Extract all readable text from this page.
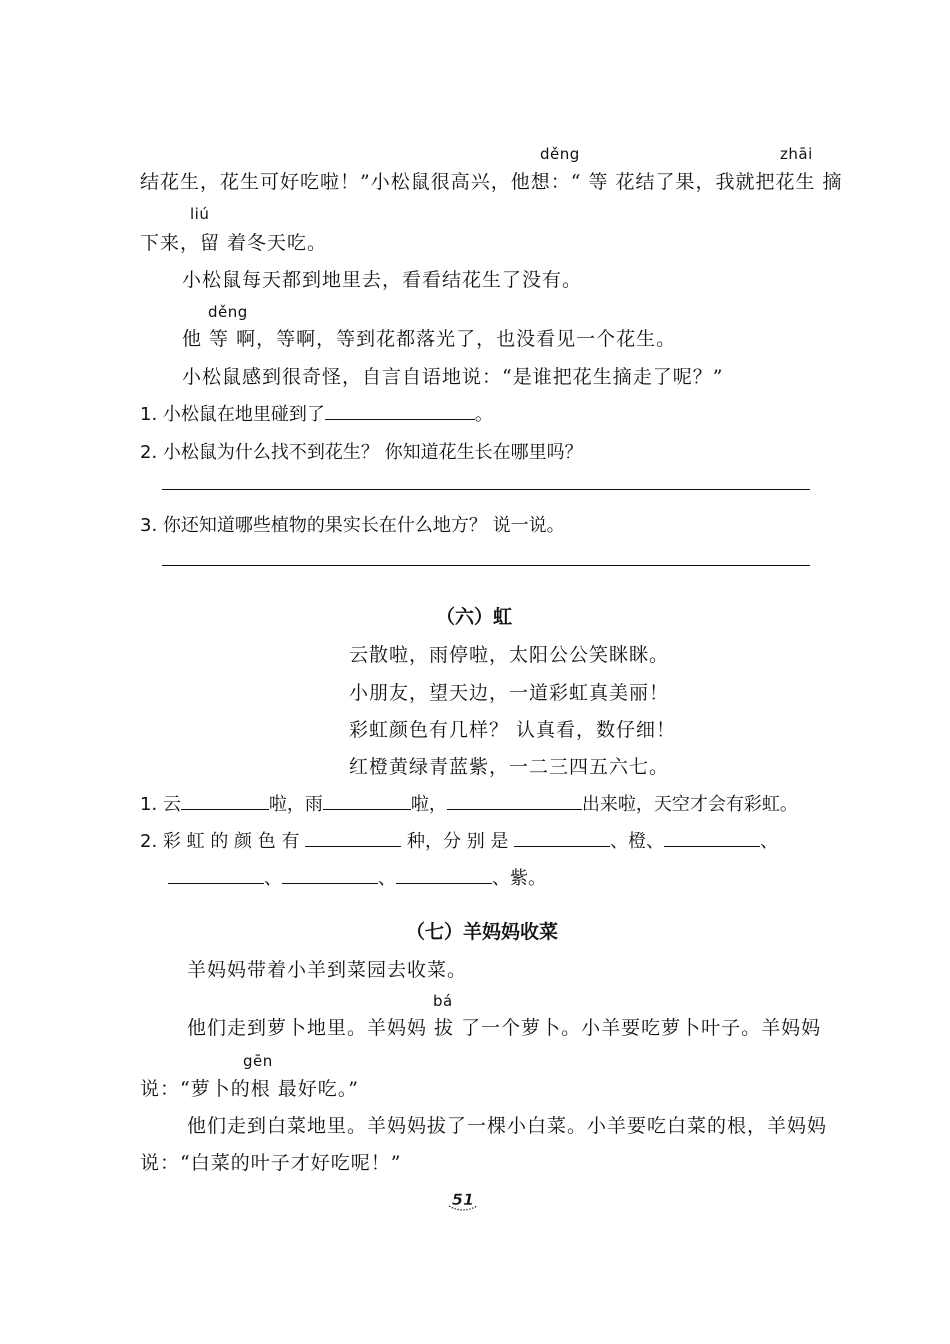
děng	zhāi
结花生，花生可好吃啦！”小松鼠很高兴，他想：“ 等 花结了果，我就把花生 摘
liú
下来，留 着冬天吃。
小松鼠每天都到地里去，看看结花生了没有。
děng
他 等 啊，等啊，等到花都落光了，也没看见一个花生。
小松鼠感到很奇怪，自言自语地说：“是谁把花生摘走了呢？”
1. 小松鼠在地里碰到了	。
2. 小松鼠为什么找不到花生？ 你知道花生长在哪里吗？
3. 你还知道哪些植物的果实长在什么地方？ 说一说。
（六）虹
云散啦，雨停啦，太阳公公笑眯眯。
小朋友，望天边，一道彩虹真美丽！
彩虹颜色有几样？ 认真看，数仔细！
红橙黄绿青蓝紫，一二三四五六七。
1. 云	啦，雨	啦，	出来啦，天空才会有彩虹。
2. 彩 虹 的 颜 色 有	种，分 别 是	、橙、	、
、	、	、紫。
（七）羊妈妈收菜
羊妈妈带着小羊到菜园去收菜。
bá
他们走到萝卜地里。羊妈妈 拔 了一个萝卜。小羊要吃萝卜叶子。羊妈妈
gēn
说：“萝卜的根 最好吃。”
他们走到白菜地里。羊妈妈拔了一棵小白菜。小羊要吃白菜的根，羊妈妈
说：“白菜的叶子才好吃呢！”
51
